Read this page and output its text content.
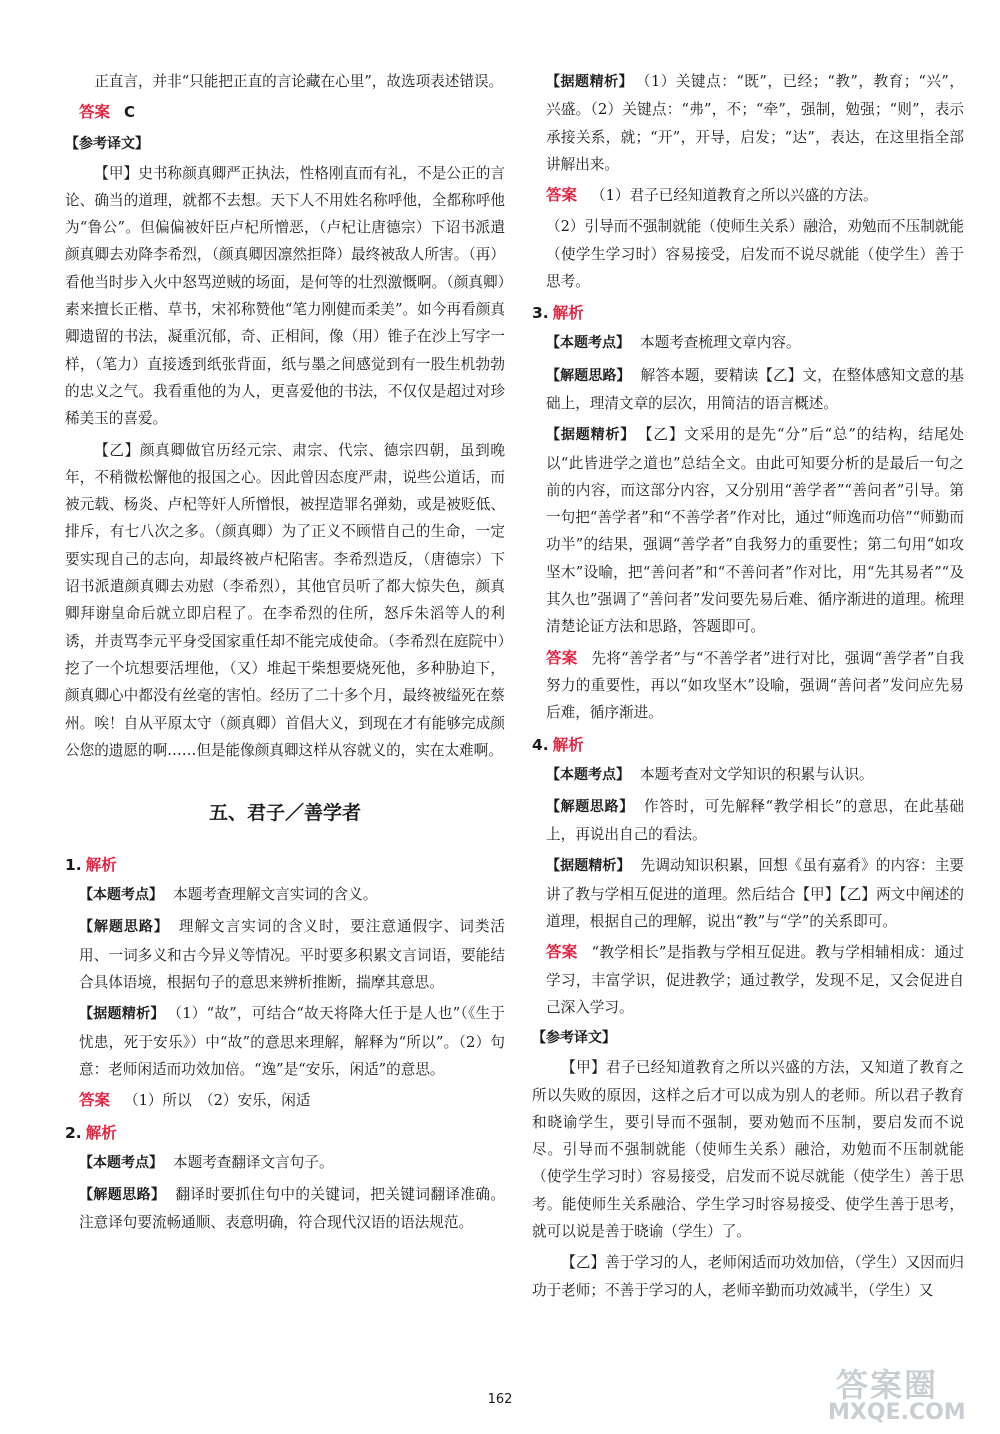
正直言，并非“只能把正直的言论藏在心里”，故选项表述错误。

答案 C

【参考译文】

【甲】史书称颜真卿严正执法，性格刚直而有礼，不是公正的言论、确当的道理，就都不去想。天下人不用姓名称呼他，全都称呼他为“鲁公”。但偏偏被奸臣卢杞所憎恶，（卢杞让唐德宗）下诏书派遣颜真卿去劝降李希烈，（颜真卿因凛然拒降）最终被敌人所害。（再）看他当时步入火中怒骂逆贼的场面，是何等的壮烈激慨啊。（颜真卿）素来擅长正楷、草书，宋祁称赞他“笔力刚健而柔美”。如今再看颜真卿遗留的书法，凝重沉郁，奇、正相间，像（用）锥子在沙上写字一样，（笔力）直接透到纸张背面，纸与墨之间感觉到有一股生机勃勃的忠义之气。我看重他的为人，更喜爱他的书法，不仅仅是超过对珍稀美玉的喜爱。

【乙】颜真卿做官历经元宗、肃宗、代宗、德宗四朝，虽到晚年，不稍微松懈他的报国之心。因此曾因态度严肃，说些公道话，而被元载、杨炎、卢杞等奸人所憎恨，被捏造罪名弹劾，或是被贬低、排斥，有七八次之多。（颜真卿）为了正义不顾惜自己的生命，一定要实现自己的志向，却最终被卢杞陷害。李希烈造反，（唐德宗）下诏书派遣颜真卿去劝慰（李希烈），其他官员听了都大惊失色，颜真卿拜谢皇命后就立即启程了。在李希烈的住所，怒斥朱滔等人的利诱，并责骂李元平身受国家重任却不能完成使命。（李希烈在庭院中）挖了一个坑想要活埋他，（又）堆起干柴想要烧死他，多种胁迫下，颜真卿心中都没有丝毫的害怕。经历了二十多个月，最终被缢死在蔡州。唉！自从平原太守（颜真卿）首倡大义，到现在才有能够完成颜公您的遗愿的啊……但是能像颜真卿这样从容就义的，实在太难啊。

五、君子／善学者
1. 解析

【本题考点】 本题考查理解文言实词的含义。

【解题思路】 理解文言实词的含义时，要注意通假字、词类活用、一词多义和古今异义等情况。平时要多积累文言词语，要能结合具体语境，根据句子的意思来辨析推断，揣摩其意思。

【据题精析】 （1）“故”，可结合“故天将降大任于是人也”（《生于忧患，死于安乐》）中“故”的意思来理解，解释为“所以”。（2）句意：老师闲适而功效加倍。“逸”是“安乐，闲适”的意思。

答案 （1）所以　（2）安乐，闲适

2. 解析

【本题考点】 本题考查翻译文言句子。

【解题思路】 翻译时要抓住句中的关键词，把关键词翻译准确。注意译句要流畅通顺、表意明确，符合现代汉语的语法规范。

【据题精析】 （1）关键点：“既”，已经；“教”，教育；“兴”，兴盛。（2）关键点：“弗”，不；“牵”，强制，勉强；“则”，表示承接关系，就；“开”，开导，启发；“达”，表达，在这里指全部讲解出来。

答案 （1）君子已经知道教育之所以兴盛的方法。

（2）引导而不强制就能（使师生关系）融洽，劝勉而不压制就能（使学生学习时）容易接受，启发而不说尽就能（使学生）善于思考。

3. 解析

【本题考点】 本题考查梳理文章内容。

【解题思路】 解答本题，要精读【乙】文，在整体感知文意的基础上，理清文章的层次，用简洁的语言概述。

【据题精析】 【乙】文采用的是先“分”后“总”的结构，结尾处以“此皆进学之道也”总结全文。由此可知要分析的是最后一句之前的内容，而这部分内容，又分别用“善学者”“善问者”引导。第一句把“善学者”和“不善学者”作对比，通过“师逸而功倍”“师勤而功半”的结果，强调“善学者”自我努力的重要性；第二句用“如攻坚木”设喻，把“善问者”和“不善问者”作对比，用“先其易者”“及其久也”强调了“善问者”发问要先易后难、循序渐进的道理。梳理清楚论证方法和思路，答题即可。

答案 先将“善学者”与“不善学者”进行对比，强调“善学者”自我努力的重要性，再以“如攻坚木”设喻，强调“善问者”发问应先易后难，循序渐进。

4. 解析

【本题考点】 本题考查对文学知识的积累与认识。

【解题思路】 作答时，可先解释“教学相长”的意思，在此基础上，再说出自己的看法。

【据题精析】 先调动知识积累，回想《虽有嘉肴》的内容：主要讲了教与学相互促进的道理。然后结合【甲】【乙】两文中阐述的道理，根据自己的理解，说出“教”与“学”的关系即可。

答案 “教学相长”是指教与学相互促进。教与学相辅相成：通过学习，丰富学识，促进教学；通过教学，发现不足，又会促进自己深入学习。

【参考译文】

【甲】君子已经知道教育之所以兴盛的方法，又知道了教育之所以失败的原因，这样之后才可以成为别人的老师。所以君子教育和晓谕学生，要引导而不强制，要劝勉而不压制，要启发而不说尽。引导而不强制就能（使师生关系）融洽，劝勉而不压制就能（使学生学习时）容易接受，启发而不说尽就能（使学生）善于思考。能使师生关系融洽、学生学习时容易接受、使学生善于思考，就可以说是善于晓谕（学生）了。

【乙】善于学习的人，老师闲适而功效加倍，（学生）又因而归功于老师；不善于学习的人，老师辛勤而功效减半，（学生）又

162	答案圈
MXQE.COM
